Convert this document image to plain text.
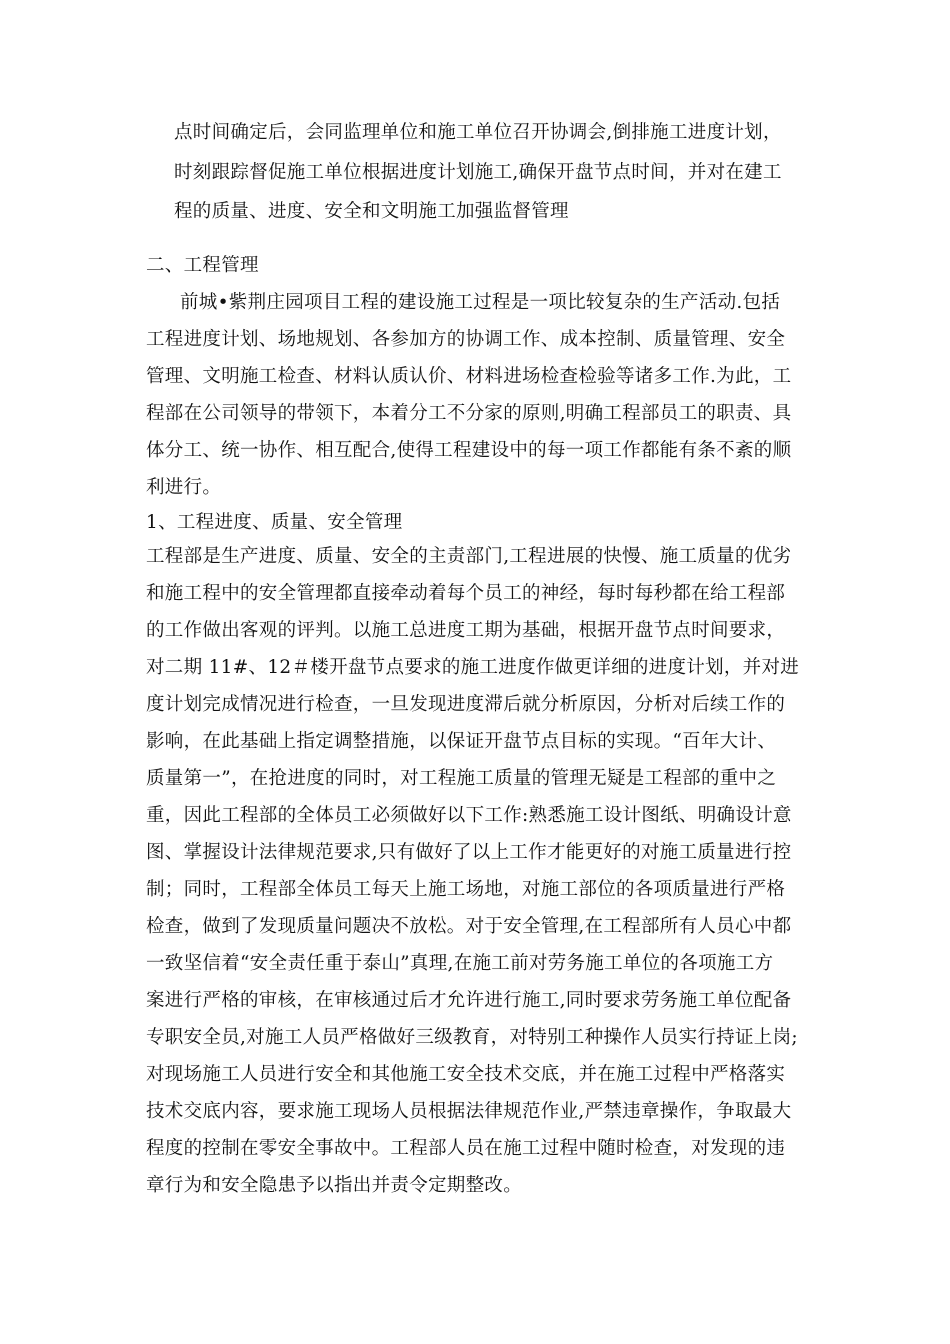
点时间确定后，会同监理单位和施工单位召开协调会,倒排施工进度计划，
时刻跟踪督促施工单位根据进度计划施工,确保开盘节点时间，并对在建工
程的质量、进度、安全和文明施工加强监督管理
二、工程管理
前城•紫荆庄园项目工程的建设施工过程是一项比较复杂的生产活动.包括
工程进度计划、场地规划、各参加方的协调工作、成本控制、质量管理、安全
管理、文明施工检查、材料认质认价、材料进场检查检验等诸多工作.为此，工
程部在公司领导的带领下，本着分工不分家的原则,明确工程部员工的职责、具
体分工、统一协作、相互配合,使得工程建设中的每一项工作都能有条不紊的顺
利进行。
1、工程进度、质量、安全管理
工程部是生产进度、质量、安全的主责部门,工程进展的快慢、施工质量的优劣
和施工程中的安全管理都直接牵动着每个员工的神经，每时每秒都在给工程部
的工作做出客观的评判。以施工总进度工期为基础，根据开盘节点时间要求，
对二期 11#、12＃楼开盘节点要求的施工进度作做更详细的进度计划，并对进
度计划完成情况进行检查，一旦发现进度滞后就分析原因，分析对后续工作的
影响，在此基础上指定调整措施，以保证开盘节点目标的实现。“百年大计、
质量第一”，在抢进度的同时，对工程施工质量的管理无疑是工程部的重中之
重，因此工程部的全体员工必须做好以下工作:熟悉施工设计图纸、明确设计意
图、掌握设计法律规范要求,只有做好了以上工作才能更好的对施工质量进行控
制；同时，工程部全体员工每天上施工场地，对施工部位的各项质量进行严格
检查，做到了发现质量问题决不放松。对于安全管理,在工程部所有人员心中都
一致坚信着“安全责任重于泰山”真理,在施工前对劳务施工单位的各项施工方
案进行严格的审核，在审核通过后才允许进行施工,同时要求劳务施工单位配备
专职安全员,对施工人员严格做好三级教育，对特别工种操作人员实行持证上岗;
对现场施工人员进行安全和其他施工安全技术交底，并在施工过程中严格落实
技术交底内容，要求施工现场人员根据法律规范作业,严禁违章操作，争取最大
程度的控制在零安全事故中。工程部人员在施工过程中随时检查，对发现的违
章行为和安全隐患予以指出并责令定期整改。
